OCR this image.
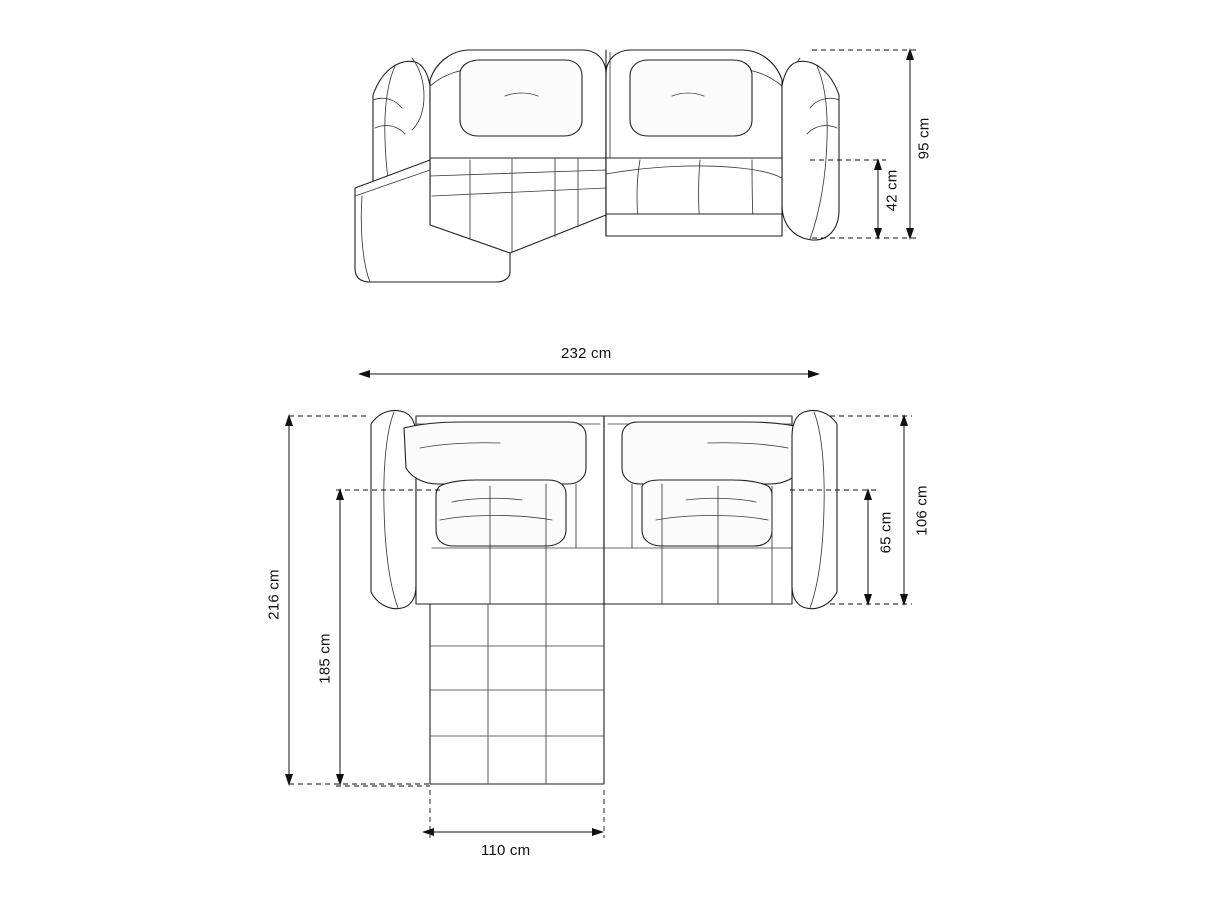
95 cm
42 cm
232 cm
216 cm
185 cm
110 cm
106 cm
65 cm
